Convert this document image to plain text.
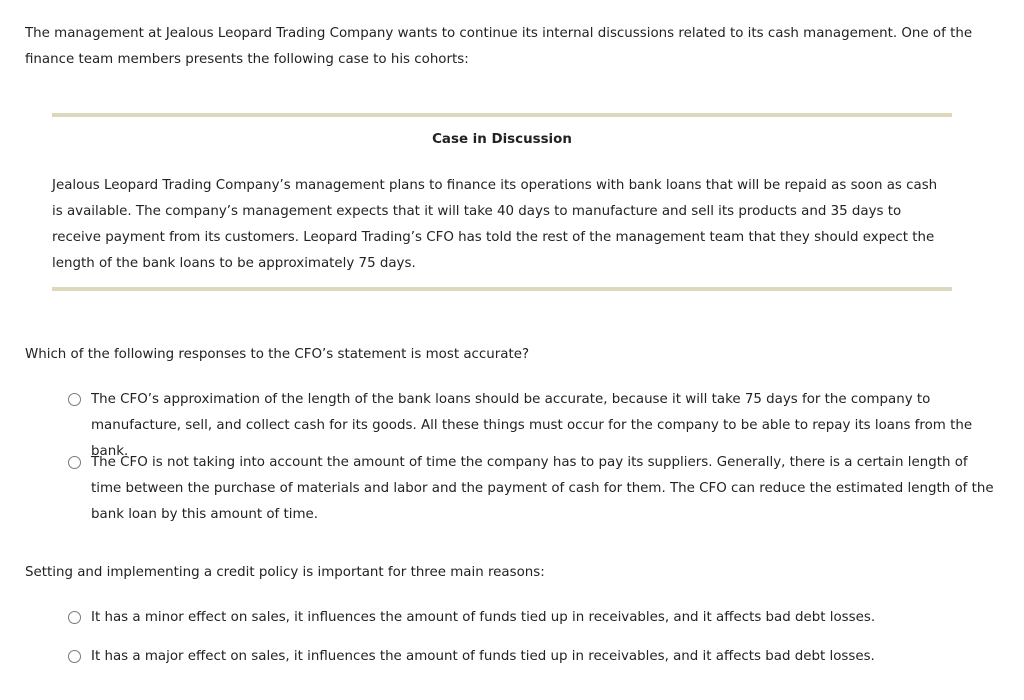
The management at Jealous Leopard Trading Company wants to continue its internal discussions related to its cash management. One of the finance team members presents the following case to his cohorts:
Case in Discussion
Jealous Leopard Trading Company’s management plans to finance its operations with bank loans that will be repaid as soon as cash is available. The company’s management expects that it will take 40 days to manufacture and sell its products and 35 days to receive payment from its customers. Leopard Trading’s CFO has told the rest of the management team that they should expect the length of the bank loans to be approximately 75 days.
Which of the following responses to the CFO’s statement is most accurate?
The CFO’s approximation of the length of the bank loans should be accurate, because it will take 75 days for the company to manufacture, sell, and collect cash for its goods. All these things must occur for the company to be able to repay its loans from the bank.
The CFO is not taking into account the amount of time the company has to pay its suppliers. Generally, there is a certain length of time between the purchase of materials and labor and the payment of cash for them. The CFO can reduce the estimated length of the bank loan by this amount of time.
Setting and implementing a credit policy is important for three main reasons:
It has a minor effect on sales, it influences the amount of funds tied up in receivables, and it affects bad debt losses.
It has a major effect on sales, it influences the amount of funds tied up in receivables, and it affects bad debt losses.
